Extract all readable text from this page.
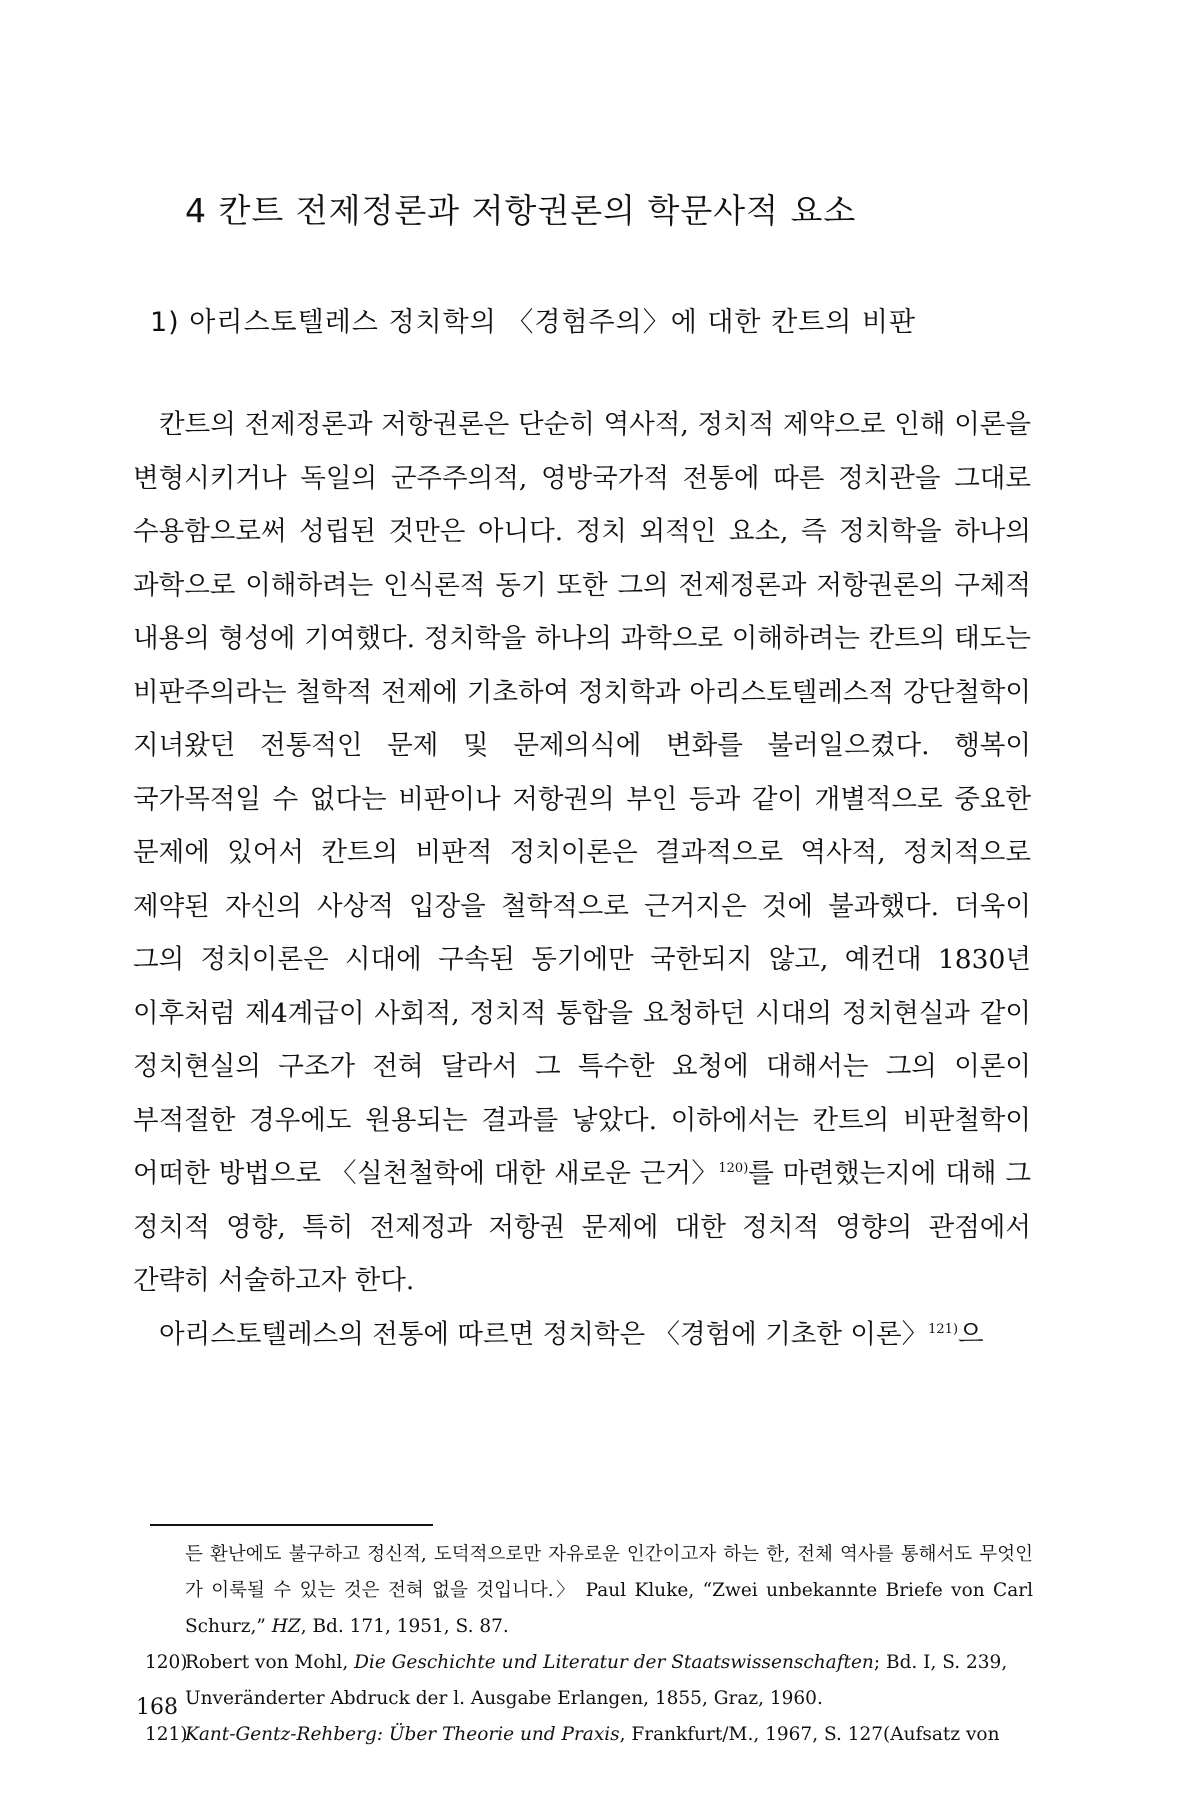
4 칸트 전제정론과 저항권론의 학문사적 요소
1) 아리스토텔레스 정치학의 〈경험주의〉에 대한 칸트의 비판

칸트의 전제정론과 저항권론은 단순히 역사적, 정치적 제약으로 인해 이론을 변형시키거나 독일의 군주주의적, 영방국가적 전통에 따른 정치관을 그대로 수용함으로써 성립된 것만은 아니다. 정치 외적인 요소, 즉 정치학을 하나의 과학으로 이해하려는 인식론적 동기 또한 그의 전제정론과 저항권론의 구체적 내용의 형성에 기여했다. 정치학을 하나의 과학으로 이해하려는 칸트의 태도는 비판주의라는 철학적 전제에 기초하여 정치학과 아리스토텔레스적 강단철학이 지녀왔던 전통적인 문제 및 문제의식에 변화를 불러일으켰다. 행복이 국가목적일 수 없다는 비판이나 저항권의 부인 등과 같이 개별적으로 중요한 문제에 있어서 칸트의 비판적 정치이론은 결과적으로 역사적, 정치적으로 제약된 자신의 사상적 입장을 철학적으로 근거지은 것에 불과했다. 더욱이 그의 정치이론은 시대에 구속된 동기에만 국한되지 않고, 예컨대 1830년 이후처럼 제4계급이 사회적, 정치적 통합을 요청하던 시대의 정치현실과 같이 정치현실의 구조가 전혀 달라서 그 특수한 요청에 대해서는 그의 이론이 부적절한 경우에도 원용되는 결과를 낳았다. 이하에서는 칸트의 비판철학이 어떠한 방법으로 〈실천철학에 대한 새로운 근거〉$^{120)}$를 마련했는지에 대해 그 정치적 영향, 특히 전제정과 저항권 문제에 대한 정치적 영향의 관점에서 간략히 서술하고자 한다.

아리스토텔레스의 전통에 따르면 정치학은 〈경험에 기초한 이론〉$^{121)}$으

든 환난에도 불구하고 정신적, 도덕적으로만 자유로운 인간이고자 하는 한, 전체 역사를 통해서도 무엇인가 이룩될 수 있는 것은 전혀 없을 것입니다.〉 Paul Kluke, “Zwei unbekannte Briefe von Carl Schurz,” HZ, Bd. 171, 1951, S. 87.
120)Robert von Mohl, Die Geschichte und Literatur der Staatswissenschaften; Bd. I, S. 239,
Unveränderter Abdruck der l. Ausgabe Erlangen, 1855, Graz, 1960.
121)Kant-Gentz-Rehberg: Über Theorie und Praxis, Frankfurt/M., 1967, S. 127(Aufsatz von
168
